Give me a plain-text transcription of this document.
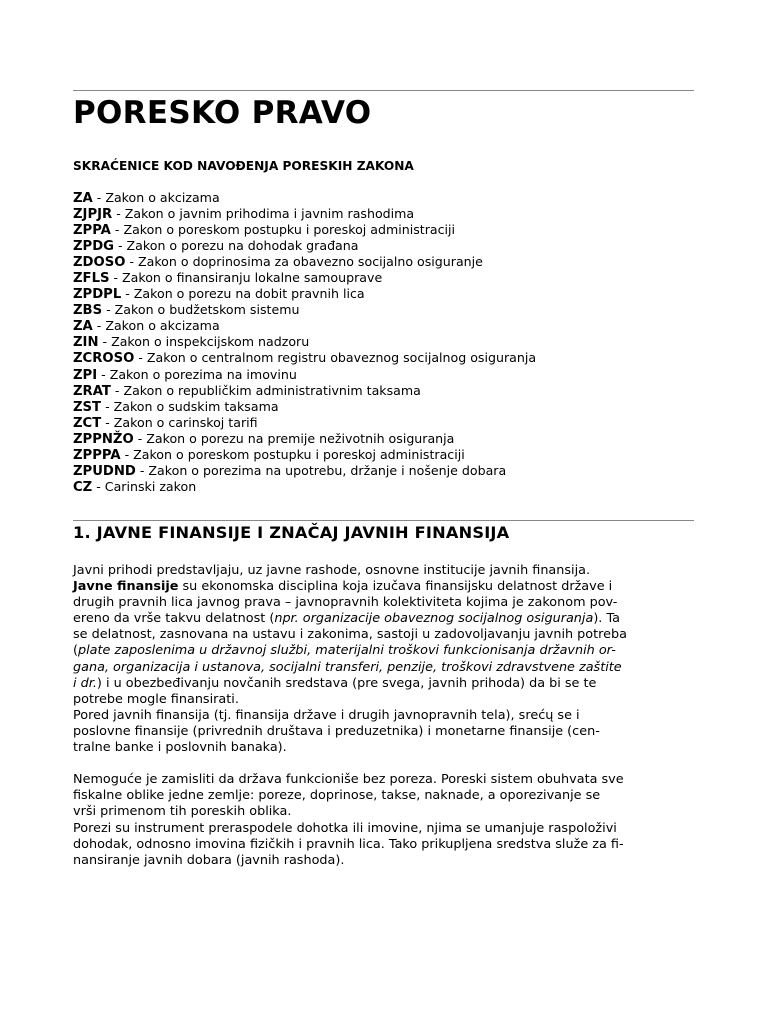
PORESKO PRAVO
SKRAĆENICE KOD NAVOĐENJA PORESKIH ZAKONA
ZA - Zakon o akcizama
ZJPJR - Zakon o javnim prihodima i javnim rashodima
ZPPA - Zakon o poreskom postupku i poreskoj administraciji
ZPDG - Zakon o porezu na dohodak građana
ZDOSO - Zakon o doprinosima za obavezno socijalno osiguranje
ZFLS - Zakon o finansiranju lokalne samouprave
ZPDPL - Zakon o porezu na dobit pravnih lica
ZBS - Zakon o budžetskom sistemu
ZA - Zakon o akcizama
ZIN - Zakon o inspekcijskom nadzoru
ZCROSO - Zakon o centralnom registru obaveznog socijalnog osiguranja
ZPI - Zakon o porezima na imovinu
ZRAT - Zakon o republičkim administrativnim taksama
ZST - Zakon o sudskim taksama
ZCT - Zakon o carinskoj tarifi
ZPPNŽO - Zakon o porezu na premije neživotnih osiguranja
ZPPPA - Zakon o poreskom postupku i poreskoj administraciji
ZPUDND - Zakon o porezima na upotrebu, držanje i nošenje dobara
CZ - Carinski zakon
1. JAVNE FINANSIJE I ZNAČAJ JAVNIH FINANSIJA
Javni prihodi predstavljaju, uz javne rashode, osnovne institucije javnih finansija.
Javne finansije su ekonomska disciplina koja izučava finansijsku delatnost države i
drugih pravnih lica javnog prava – javnopravnih kolektiviteta kojima je zakonom pov-
ereno da vrše takvu delatnost (npr. organizacije obaveznog socijalnog osiguranja). Ta
se delatnost, zasnovana na ustavu i zakonima, sastoji u zadovoljavanju javnih potreba
(plate zaposlenima u državnoj službi, materijalni troškovi funkcionisanja državnih or-
gana, organizacija i ustanova, socijalni transferi, penzije, troškovi zdravstvene zaštite
i dr.) i u obezbeđivanju novčanih sredstava (pre svega, javnih prihoda) da bi se te
potrebe mogle finansirati.
Pored javnih finansija (tj. finansija države i drugih javnopravnih tela), srećų se i
poslovne finansije (privrednih društava i preduzetnika) i monetarne finansije (cen-
tralne banke i poslovnih banaka).
Nemoguće je zamisliti da država funkcioniše bez poreza. Poreski sistem obuhvata sve
fiskalne oblike jedne zemlje: poreze, doprinose, takse, naknade, a oporezivanje se
vrši primenom tih poreskih oblika.
Porezi su instrument preraspodele dohotka ili imovine, njima se umanjuje raspoloživi
dohodak, odnosno imovina fizičkih i pravnih lica. Tako prikupljena sredstva služe za fi-
nansiranje javnih dobara (javnih rashoda).
